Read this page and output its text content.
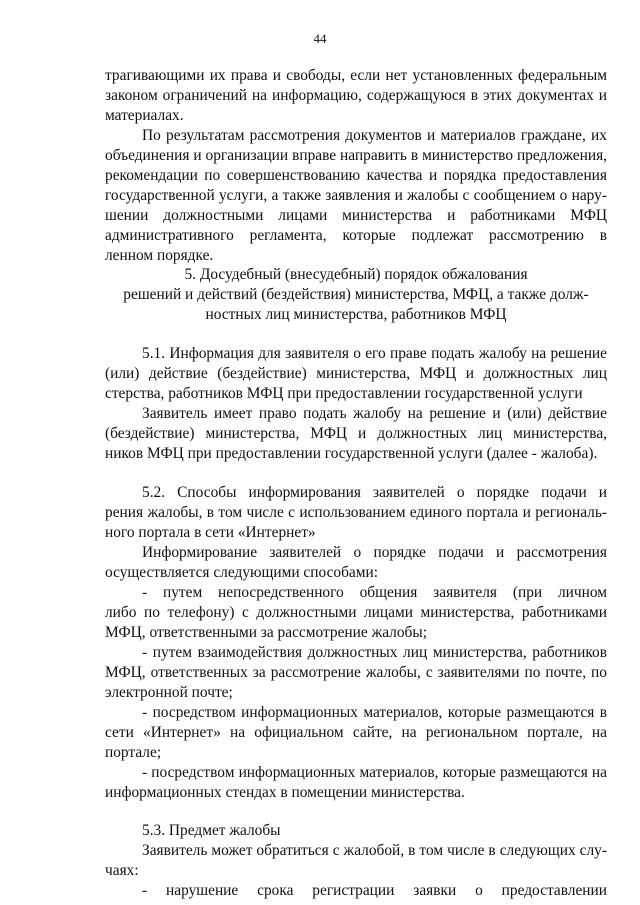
44
трагивающими их права и свободы, если нет установленных федеральным
законом ограничений на информацию, содержащуюся в этих документах и
материалах.
По результатам рассмотрения документов и материалов граждане, их
объединения и организации вправе направить в министерство предложения,
рекомендации по совершенствованию качества и порядка предоставления
государственной услуги, а также заявления и жалобы с сообщением о нару-
шении должностными лицами министерства и работниками МФЦ
административного регламента, которые подлежат рассмотрению в
ленном порядке.
5. Досудебный (внесудебный) порядок обжалования
решений и действий (бездействия) министерства, МФЦ, а также долж-
ностных лиц министерства, работников МФЦ
5.1. Информация для заявителя о его праве подать жалобу на решение
(или) действие (бездействие) министерства, МФЦ и должностных лиц
стерства, работников МФЦ при предоставлении государственной услуги
Заявитель имеет право подать жалобу на решение и (или) действие
(бездействие) министерства, МФЦ и должностных лиц министерства,
ников МФЦ при предоставлении государственной услуги (далее - жалоба).
5.2. Способы информирования заявителей о порядке подачи и
рения жалобы, в том числе с использованием единого портала и региональ-
ного портала в сети «Интернет»
Информирование заявителей о порядке подачи и рассмотрения
осуществляется следующими способами:
- путем непосредственного общения заявителя (при личном
либо по телефону) с должностными лицами министерства, работниками
МФЦ, ответственными за рассмотрение жалобы;
- путем взаимодействия должностных лиц министерства, работников
МФЦ, ответственных за рассмотрение жалобы, с заявителями по почте, по
электронной почте;
- посредством информационных материалов, которые размещаются в
сети «Интернет» на официальном сайте, на региональном портале, на
портале;
- посредством информационных материалов, которые размещаются на
информационных стендах в помещении министерства.
5.3. Предмет жалобы
Заявитель может обратиться с жалобой, в том числе в следующих слу-
чаях:
- нарушение срока регистрации заявки о предоставлении
